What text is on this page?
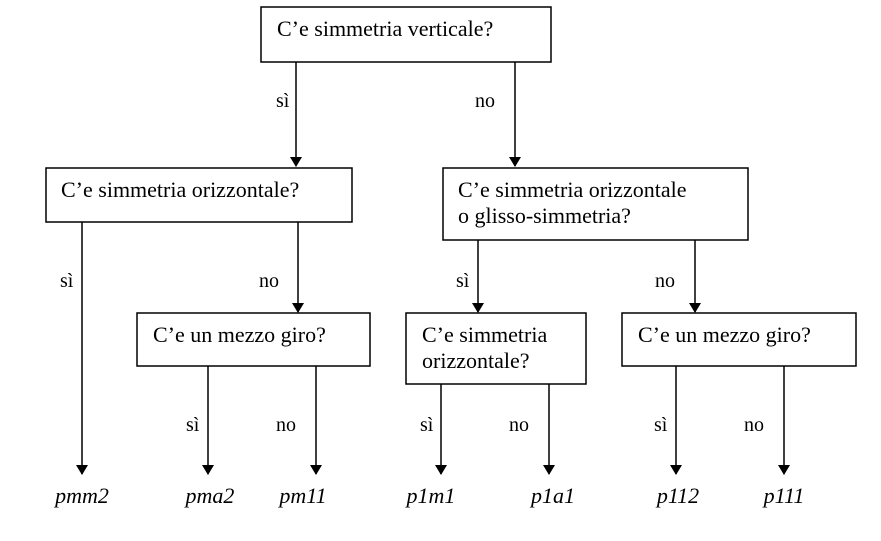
sì	no
sì	no	sì	no
sì	no	sì	no	sì	no
C’e simmetria verticale?
C’e simmetria orizzontale?	C’e simmetria orizzontale
o glisso-simmetria?
C’e un mezzo giro?	C’e simmetria
orizzontale?
C’e un mezzo giro?
pmm2	pma2 pm11	p1m1	p1a1	p112	p111
